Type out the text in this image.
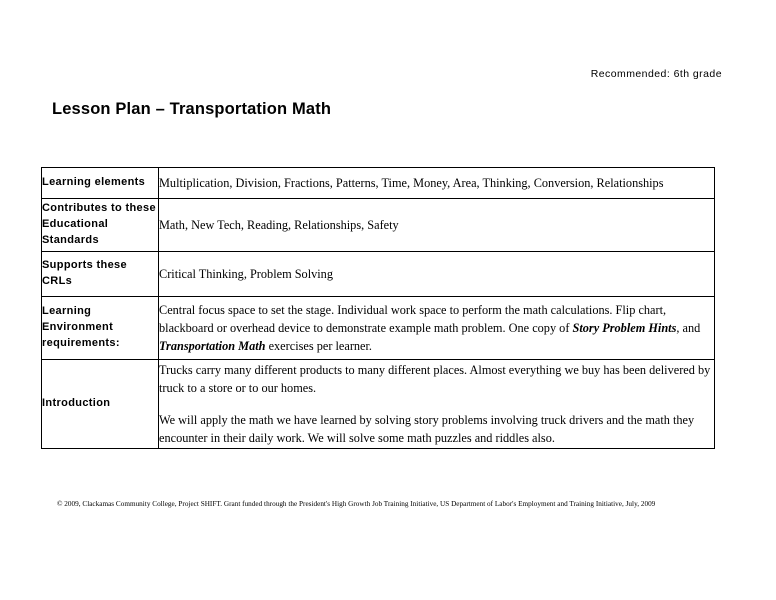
Recommended: 6th grade
Lesson Plan – Transportation Math
Learning elements	Multiplication, Division, Fractions, Patterns, Time, Money, Area, Thinking, Conversion, Relationships
Contributes to these Educational Standards	Math, New Tech, Reading, Relationships, Safety
Supports these CRLs	Critical Thinking, Problem Solving
Learning Environment requirements:	Central focus space to set the stage. Individual work space to perform the math calculations. Flip chart, blackboard or overhead device to demonstrate example math problem. One copy of Story Problem Hints, and Transportation Math exercises per learner.

Introduction	Trucks carry many different products to many different places. Almost everything we buy has been delivered by truck to a store or to our homes.

We will apply the math we have learned by solving story problems involving truck drivers and the math they encounter in their daily work. We will solve some math puzzles and riddles also.

© 2009, Clackamas Community College, Project SHIFT. Grant funded through the President's High Growth Job Training Initiative, US Department of Labor's Employment and Training Initiative, July, 2009
